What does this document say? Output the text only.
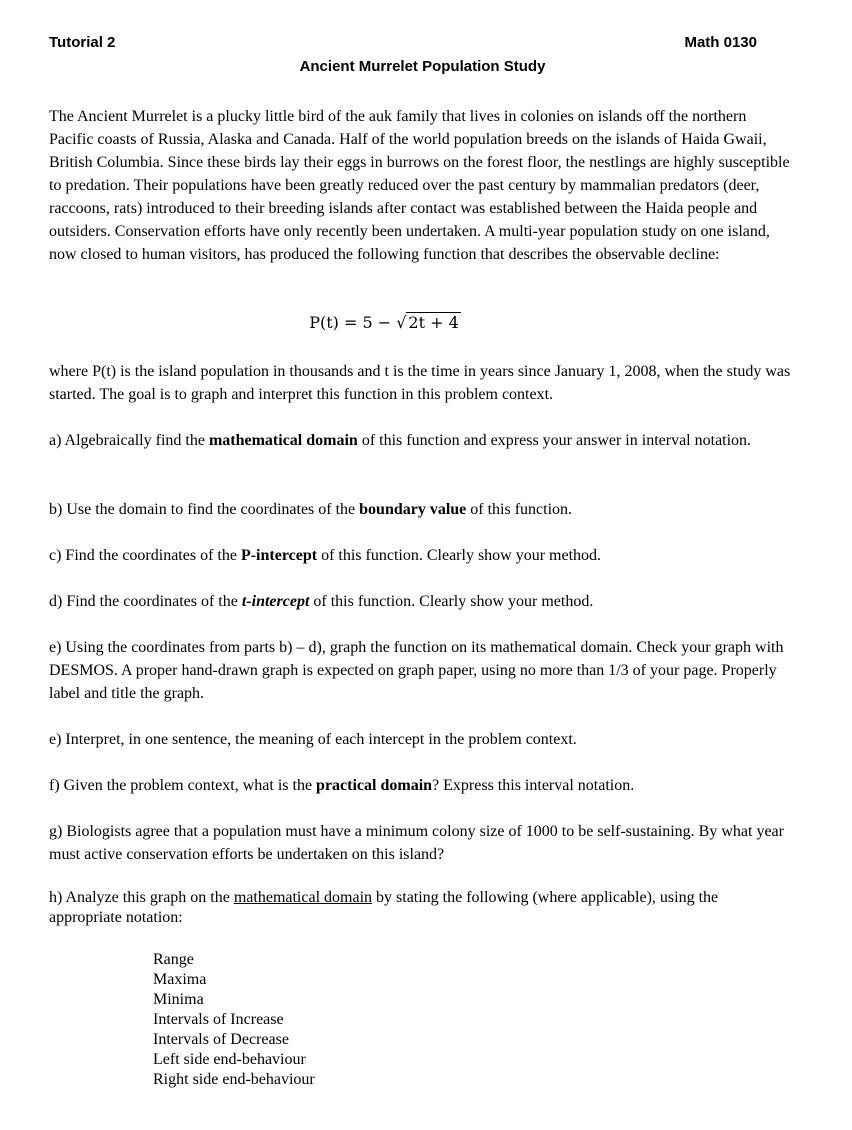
Tutorial 2	Math 0130
Ancient Murrelet Population Study

The Ancient Murrelet is a plucky little bird of the auk family that lives in colonies on islands off the northern Pacific coasts of Russia, Alaska and Canada. Half of the world population breeds on the islands of Haida Gwaii, British Columbia. Since these birds lay their eggs in burrows on the forest floor, the nestlings are highly susceptible to predation. Their populations have been greatly reduced over the past century by mammalian predators (deer, raccoons, rats) introduced to their breeding islands after contact was established between the Haida people and outsiders. Conservation efforts have only recently been undertaken. A multi-year population study on one island, now closed to human visitors, has produced the following function that describes the observable decline:

P(t) = 5 − √ 2t + 4

where P(t) is the island population in thousands and t is the time in years since January 1, 2008, when the study was started. The goal is to graph and interpret this function in this problem context.

a) Algebraically find the mathematical domain of this function and express your answer in interval notation.

b) Use the domain to find the coordinates of the boundary value of this function.

c) Find the coordinates of the P-intercept of this function. Clearly show your method.

d) Find the coordinates of the t-intercept of this function. Clearly show your method.

e) Using the coordinates from parts b) – d), graph the function on its mathematical domain. Check your graph with DESMOS. A proper hand-drawn graph is expected on graph paper, using no more than 1/3 of your page. Properly label and title the graph.

e) Interpret, in one sentence, the meaning of each intercept in the problem context.

f) Given the problem context, what is the practical domain? Express this interval notation.

g) Biologists agree that a population must have a minimum colony size of 1000 to be self-sustaining. By what year must active conservation efforts be undertaken on this island?

h) Analyze this graph on the mathematical domain by stating the following (where applicable), using the appropriate notation:

Range
Maxima
Minima
Intervals of Increase
Intervals of Decrease
Left side end-behaviour
Right side end-behaviour
